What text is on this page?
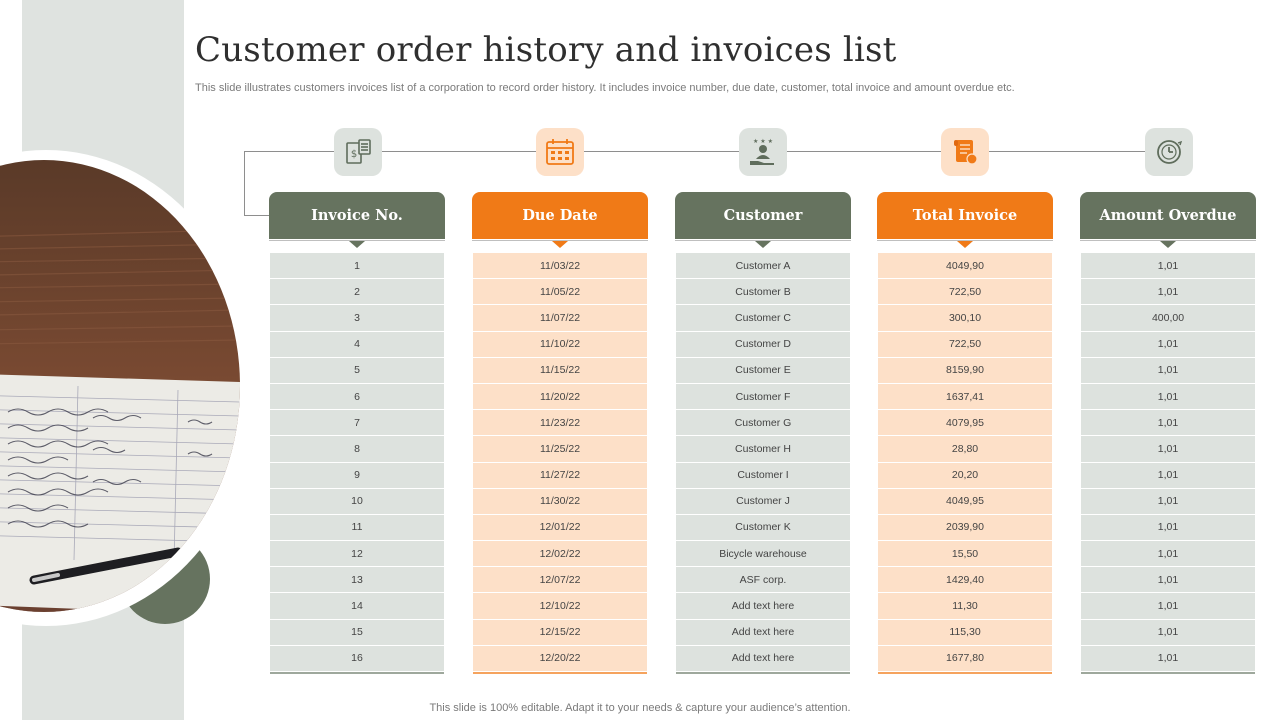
Customer order history and invoices list
This slide illustrates customers invoices list of a corporation to record order history. It includes invoice number, due date, customer, total invoice and amount overdue etc.
$
★ ★ ★
Invoice No.
1
2
3
4
5
6
7
8
9
10
11
12
13
14
15
16
Due Date
11/03/22
11/05/22
11/07/22
11/10/22
11/15/22
11/20/22
11/23/22
11/25/22
11/27/22
11/30/22
12/01/22
12/02/22
12/07/22
12/10/22
12/15/22
12/20/22
Customer
Customer A
Customer B
Customer C
Customer D
Customer E
Customer F
Customer G
Customer H
Customer I
Customer J
Customer K
Bicycle warehouse
ASF corp.
Add text here
Add text here
Add text here
Total Invoice
4049,90
722,50
300,10
722,50
8159,90
1637,41
4079,95
28,80
20,20
4049,95
2039,90
15,50
1429,40
11,30
115,30
1677,80
Amount Overdue
1,01
1,01
400,00
1,01
1,01
1,01
1,01
1,01
1,01
1,01
1,01
1,01
1,01
1,01
1,01
1,01
This slide is 100% editable. Adapt it to your needs & capture your audience’s attention.
